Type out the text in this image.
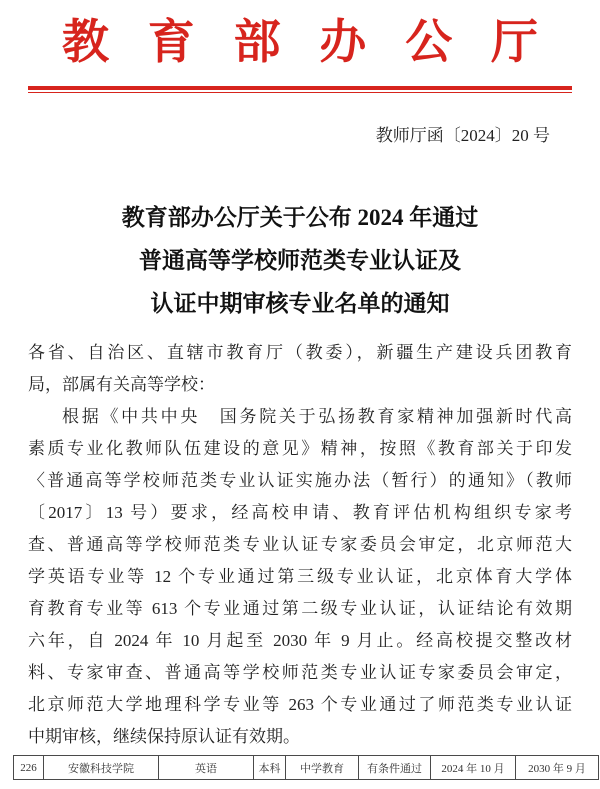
教 育 部 办 公 厅
教师厅函〔2024〕20 号
教育部办公厅关于公布 2024 年通过
普通高等学校师范类专业认证及
认证中期审核专业名单的通知
各省、自治区、直辖市教育厅（教委），新疆生产建设兵团教育
局，部属有关高等学校：
根据《中共中央　国务院关于弘扬教育家精神加强新时代高
素质专业化教师队伍建设的意见》精神，按照《教育部关于印发
〈普通高等学校师范类专业认证实施办法（暂行）的通知》（教师
〔2017〕13 号）要求，经高校申请、教育评估机构组织专家考
查、普通高等学校师范类专业认证专家委员会审定，北京师范大
学英语专业等 12 个专业通过第三级专业认证，北京体育大学体
育教育专业等 613 个专业通过第二级专业认证，认证结论有效期
六年，自 2024 年 10 月起至 2030 年 9 月止。经高校提交整改材
料、专家审查、普通高等学校师范类专业认证专家委员会审定，
北京师范大学地理科学专业等 263 个专业通过了师范类专业认证
中期审核，继续保持原认证有效期。
226	安徽科技学院	英语	本科	中学教育	有条件通过	2024 年 10 月	2030 年 9 月
